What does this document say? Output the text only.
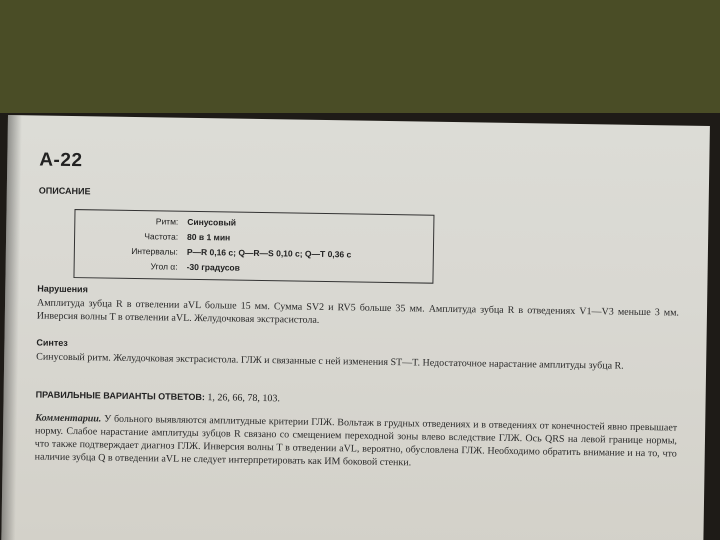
А-22
ОПИСАНИЕ
Ритм: Синусовый
Частота: 80 в 1 мин
Интервалы: P—R 0,16 с; Q—R—S 0,10 с; Q—T 0,36 с
Угол α: -30 градусов
Нарушения
Амплитуда зубца R в отвелении aVL больше 15 мм. Сумма SV2 и RV5 больше 35 мм. Амплитуда зубца R в отведениях V1—V3 меньше 3 мм. Инверсия волны T в отвелении aVL. Желудочковая экстрасистола.
Синтез
Синусовый ритм. Желудочковая экстрасистола. ГЛЖ и связанные с ней изменения ST—T. Недостаточное нарастание амплитуды зубца R.
ПРАВИЛЬНЫЕ ВАРИАНТЫ ОТВЕТОВ: 1, 26, 66, 78, 103.
Комментарии. У больного выявляются амплитудные критерии ГЛЖ. Вольтаж в грудных отведениях и в отведениях от конечностей явно превышает норму. Слабое нарастание амплитуды зубцов R связано со смещением переходной зоны влево вследствие ГЛЖ. Ось QRS на левой границе нормы, что также подтверждает диагноз ГЛЖ. Инверсия волны T в отведении aVL, вероятно, обусловлена ГЛЖ. Необходимо обратить внимание и на то, что наличие зубца Q в отведении aVL не следует интерпретировать как ИМ боковой стенки.
